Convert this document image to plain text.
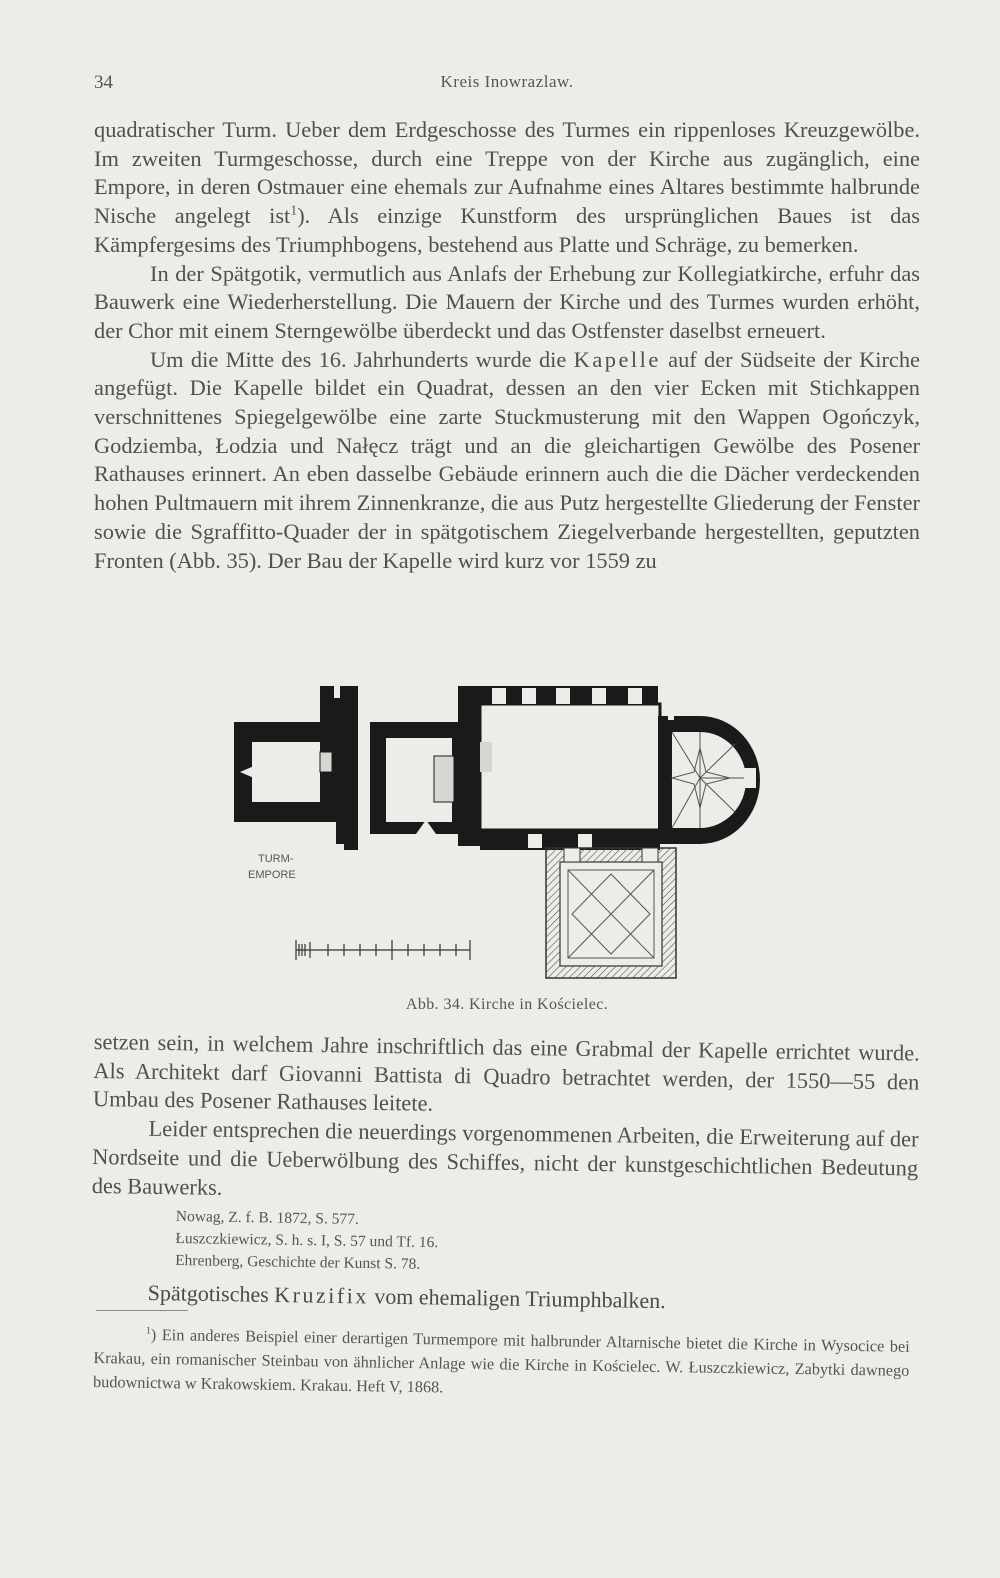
34	Kreis Inowrazlaw.

quadratischer Turm. Ueber dem Erdgeschosse des Turmes ein rippenloses Kreuzgewölbe. Im zweiten Turmgeschosse, durch eine Treppe von der Kirche aus zugänglich, eine Empore, in deren Ostmauer eine ehemals zur Aufnahme eines Altares bestimmte halbrunde Nische angelegt ist$^1$). Als einzige Kunstform des ursprünglichen Baues ist das Kämpfergesims des Triumphbogens, bestehend aus Platte und Schräge, zu bemerken.

In der Spätgotik, vermutlich aus Anlafs der Erhebung zur Kollegiatkirche, erfuhr das Bauwerk eine Wiederherstellung. Die Mauern der Kirche und des Turmes wurden erhöht, der Chor mit einem Sterngewölbe überdeckt und das Ostfenster daselbst erneuert.

Um die Mitte des 16. Jahrhunderts wurde die Kapelle auf der Südseite der Kirche angefügt. Die Kapelle bildet ein Quadrat, dessen an den vier Ecken mit Stichkappen verschnittenes Spiegelgewölbe eine zarte Stuckmusterung mit den Wappen Ogończyk, Godziemba, Łodzia und Nałęcz trägt und an die gleichartigen Gewölbe des Posener Rathauses erinnert. An eben dasselbe Gebäude erinnern auch die die Dächer verdeckenden hohen Pultmauern mit ihrem Zinnenkranze, die aus Putz hergestellte Gliederung der Fenster sowie die Sgraffitto-Quader der in spätgotischem Ziegelverbande hergestellten, geputzten Fronten (Abb. 35). Der Bau der Kapelle wird kurz vor 1559 zu

TURM-
EMPORE
Abb. 34. Kirche in Kościelec.

setzen sein, in welchem Jahre inschriftlich das eine Grabmal der Kapelle errichtet wurde. Als Architekt darf Giovanni Battista di Quadro betrachtet werden, der 1550—55 den Umbau des Posener Rathauses leitete.

Leider entsprechen die neuerdings vorgenommenen Arbeiten, die Erweiterung auf der Nordseite und die Ueberwölbung des Schiffes, nicht der kunstgeschichtlichen Bedeutung des Bauwerks.

Nowag, Z. f. B. 1872, S. 577.
Łuszczkiewicz, S. h. s. I, S. 57 und Tf. 16.
Ehrenberg, Geschichte der Kunst S. 78.
Spätgotisches Kruzifix vom ehemaligen Triumphbalken.

$^1$) Ein anderes Beispiel einer derartigen Turmempore mit halbrunder Altarnische bietet die Kirche in Wysocice bei Krakau, ein romanischer Steinbau von ähnlicher Anlage wie die Kirche in Kościelec. W. Łuszczkiewicz, Zabytki dawnego budownictwa w Krakowskiem. Krakau. Heft V, 1868.
